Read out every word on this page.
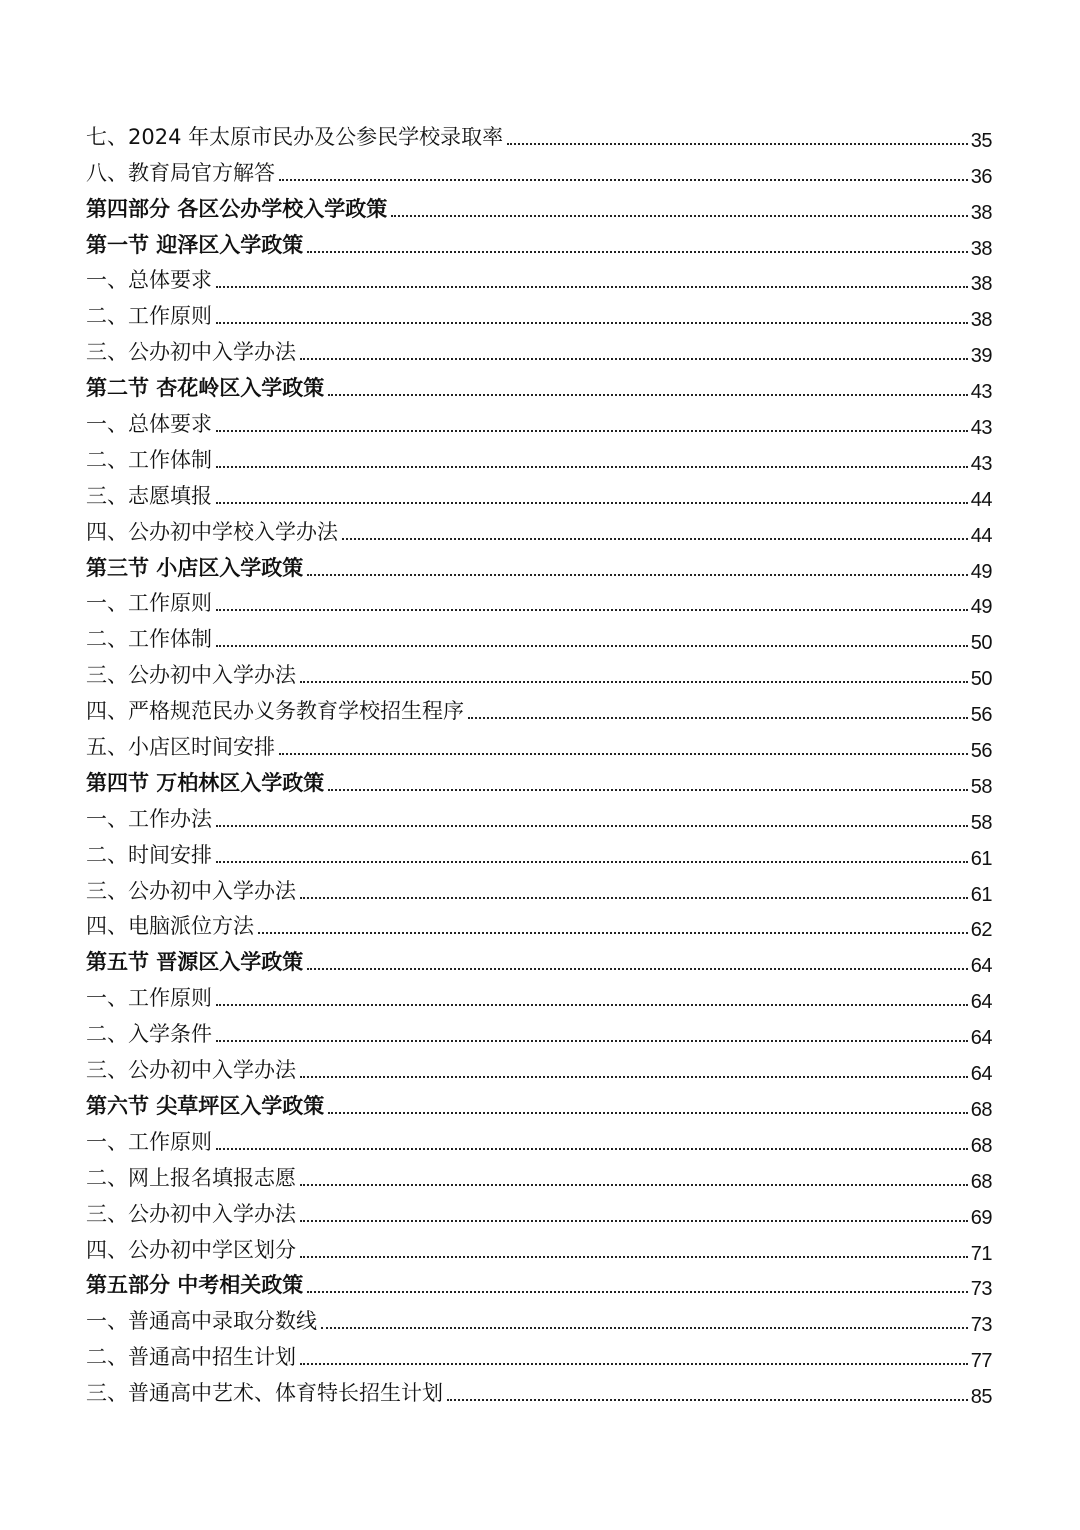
七、2024 年太原市民办及公参民学校录取率	35
八、教育局官方解答	36
第四部分 各区公办学校入学政策	38
第一节 迎泽区入学政策	38
一、总体要求	38
二、工作原则	38
三、公办初中入学办法	39
第二节 杏花岭区入学政策	43
一、总体要求	43
二、工作体制	43
三、志愿填报	44
四、公办初中学校入学办法	44
第三节 小店区入学政策	49
一、工作原则	49
二、工作体制	50
三、公办初中入学办法	50
四、严格规范民办义务教育学校招生程序	56
五、小店区时间安排	56
第四节 万柏林区入学政策	58
一、工作办法	58
二、时间安排	61
三、公办初中入学办法	61
四、电脑派位方法	62
第五节 晋源区入学政策	64
一、工作原则	64
二、入学条件	64
三、公办初中入学办法	64
第六节 尖草坪区入学政策	68
一、工作原则	68
二、网上报名填报志愿	68
三、公办初中入学办法	69
四、公办初中学区划分	71
第五部分 中考相关政策	73
一、普通高中录取分数线	73
二、普通高中招生计划	77
三、普通高中艺术、体育特长招生计划	85
